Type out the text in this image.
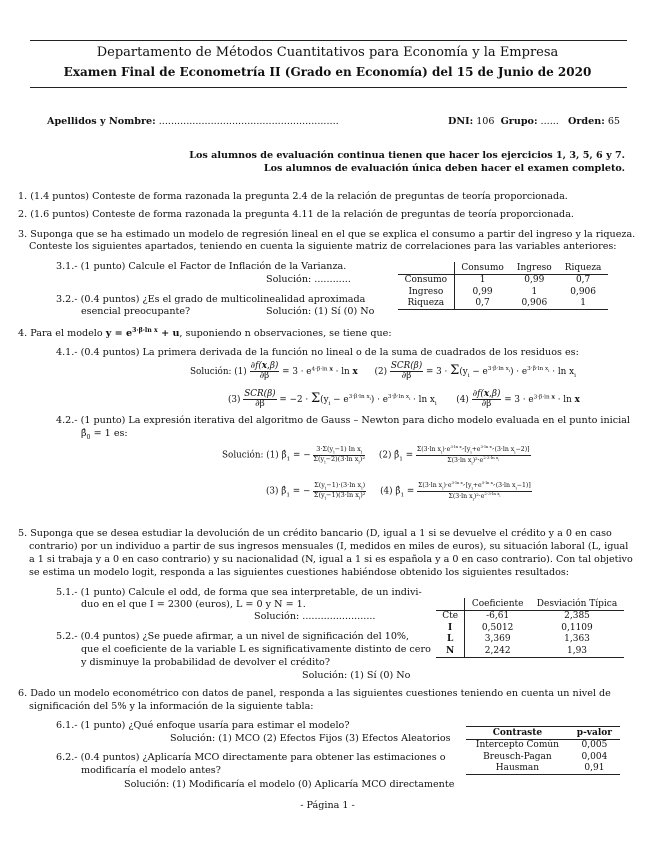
Departamento de Métodos Cuantitativos para Economía y la Empresa
Examen Final de Econometría II (Grado en Economía) del 15 de Junio de 2020
Apellidos y Nombre: ...........................................................	DNI: 106 Grupo: ...... Orden: 65
Los alumnos de evaluación continua tienen que hacer los ejercicios 1, 3, 5, 6 y 7.
Los alumnos de evaluación única deben hacer el examen completo.
1. (1.4 puntos) Conteste de forma razonada la pregunta 2.4 de la relación de preguntas de teoría proporcionada.
2. (1.6 puntos) Conteste de forma razonada la pregunta 4.11 de la relación de preguntas de teoría proporcionada.
3. Suponga que se ha estimado un modelo de regresión lineal en el que se explica el consumo a partir del ingreso y la riqueza.
Conteste los siguientes apartados, teniendo en cuenta la siguiente matriz de correlaciones para las variables anteriores:
3.1.- (1 punto) Calcule el Factor de Inflación de la Varianza.
Solución: ............
3.2.- (0.4 puntos) ¿Es el grado de multicolinealidad aproximada
esencial preocupante?	Solución: (1) Sí (0) No
	Consumo	Ingreso	Riqueza
Consumo	1	0,99	0,7
Ingreso	0,99	1	0,906
Riqueza	0,7	0,906	1
4. Para el modelo $y = e^{3\cdot\beta\cdot ln x} + u$, suponiendo n observaciones, se tiene que:
4.1.- (0.4 puntos) La primera derivada de la función no lineal o de la suma de cuadrados de los residuos es:
Solución: $(1) \frac{\partial f(x,\beta)}{\partial\beta} = 3 \cdot e^{4\cdot\beta\cdot ln x} \cdot \ln x$      $(2) \frac{\text{SCR(β)}}{\partial\beta} = 3 \cdot \Sigma(y_i - e^{3\cdot\beta\cdot ln x_i}) \cdot e^{3\cdot\beta\cdot ln x_i} \cdot \ln x_i$
$(3) \frac{\text{SCR(β)}}{\partial\beta} = -2 \cdot \Sigma(y_i - e^{3\cdot\beta\cdot ln x_i}) \cdot e^{3\cdot\beta\cdot ln x_i} \cdot \ln x_i$       $(4) \frac{\partial f(x,\beta)}{\partial\beta} = 3 \cdot e^{3\cdot\beta\cdot ln x} \cdot \ln x$
4.2.- (1 punto) La expresión iterativa del algoritmo de Gauss – Newton para dicho modelo evaluada en el punto inicial
$\betâ_0 = 1$ es:
Solución: (1) $\betâ_1$ = − $\frac{3\cdot\Sigma(y_i-1) \ln x_i}{\Sigma(y_i-2)(3\cdot\ln x_i)^2} (2)$ $\betâ_1 = \frac{\Sigma(3\cdot\ln x_i)\cdot e^{3\cdot ln x_i}\cdot[y_i+e^{3\cdot ln x_i}\cdot(3\cdot\ln x_i-2)]}{\Sigma(3\cdot\ln x_i)^2\cdot e^{2\cdot 3\cdot ln x_i}}$
(3) $\betâ_1$ = − $\frac{\Sigma(y_i-1)\cdot(3\cdot\ln x_i)}{\Sigma(y_i-1)(3\cdot\ln x_i)^2} (4)$ $\betâ_1 = \frac{\Sigma(3\cdot\ln x_i)\cdot e^{3\cdot ln x_i}\cdot[y_i+e^{3\cdot ln x_i}\cdot(3\cdot\ln x_i-1)]}{\Sigma(3\cdot\ln x_i)^2\cdot e^{2\cdot 3\cdot ln x_i}}$
5. Suponga que se desea estudiar la devolución de un crédito bancario (D, igual a 1 si se devuelve el crédito y a 0 en caso
contrario) por un individuo a partir de sus ingresos mensuales (I, medidos en miles de euros), su situación laboral (L, igual
a 1 si trabaja y a 0 en caso contrario) y su nacionalidad (N, igual a 1 si es española y a 0 en caso contrario). Con tal objetivo
se estima un modelo logit, responda a las siguientes cuestiones habiéndose obtenido los siguientes resultados:
5.1.- (1 punto) Calcule el odd, de forma que sea interpretable, de un indivi-
duo en el que I = 2300 (euros), L = 0 y N = 1.
Solución: ........................
5.2.- (0.4 puntos) ¿Se puede afirmar, a un nivel de significación del 10%,
que el coeficiente de la variable L es significativamente distinto de cero
y disminuye la probabilidad de devolver el crédito?
Solución: (1) Sí (0) No
	Coeficiente	Desviación Típica
Cte	-6,61	2,385
I	0,5012	0,1109
L	3,369	1,363
N	2,242	1,93
6. Dado un modelo econométrico con datos de panel, responda a las siguientes cuestiones teniendo en cuenta un nivel de
significación del 5% y la información de la siguiente tabla:
6.1.- (1 punto) ¿Qué enfoque usaría para estimar el modelo?
Solución: (1) MCO (2) Efectos Fijos (3) Efectos Aleatorios
6.2.- (0.4 puntos) ¿Aplicaría MCO directamente para obtener las estimaciones o
modificaría el modelo antes?
Solución: (1) Modificaría el modelo (0) Aplicaría MCO directamente
Contraste	p-valor
Intercepto Común	0,005
Breusch-Pagan	0,004
Hausman	0,91
- Página 1 -
